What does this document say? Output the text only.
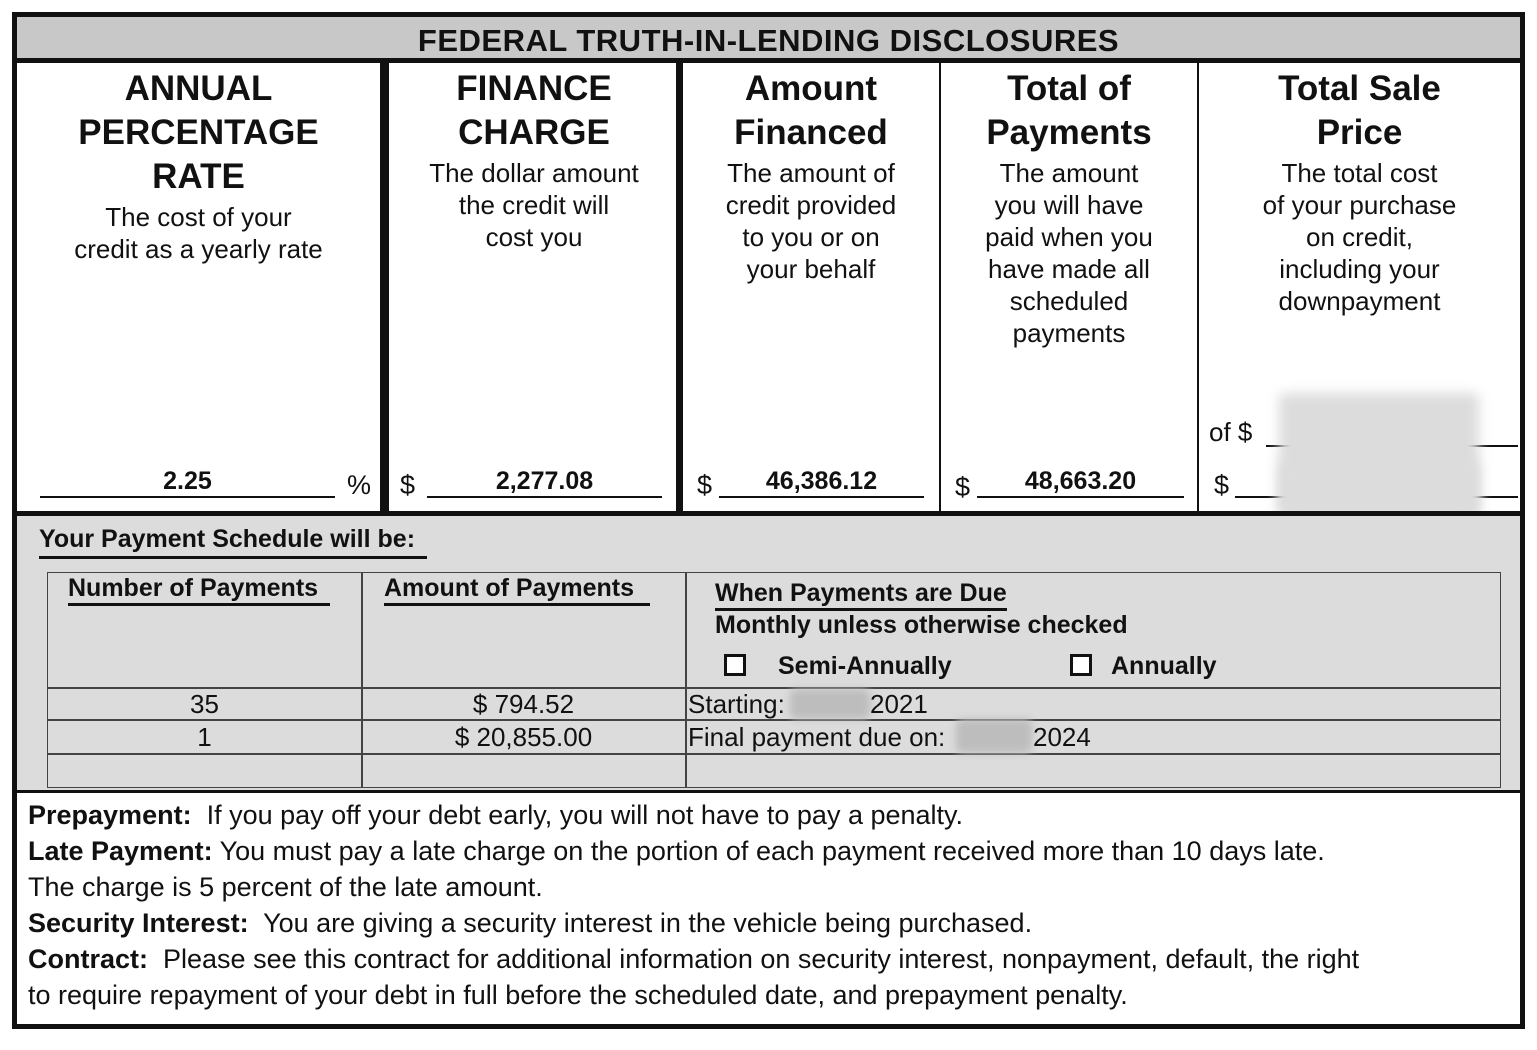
FEDERAL TRUTH-IN-LENDING DISCLOSURES
ANNUAL
PERCENTAGE
RATE
The cost of your
credit as a yearly rate
2.25	%
FINANCE
CHARGE
The dollar amount
the credit will
cost you
$	2,277.08
Amount
Financed
The amount of
credit provided
to you or on
your behalf
$	46,386.12
Total of
Payments
The amount
you will have
paid when you
have made all
scheduled
payments
$	48,663.20
Total Sale
Price
The total cost
of your purchase
on credit,
including your
downpayment
of $
$
Your Payment Schedule will be:
Number of Payments	Amount of Payments	When Payments are Due
Monthly unless otherwise checked
Semi-Annually	Annually
35	$ 794.52	Starting:	2021
1	$ 20,855.00	Final payment due on:	2024

Prepayment: If you pay off your debt early, you will not have to pay a penalty.

Late Payment: You must pay a late charge on the portion of each payment received more than 10 days late.

The charge is 5 percent of the late amount.

Security Interest: You are giving a security interest in the vehicle being purchased.

Contract: Please see this contract for additional information on security interest, nonpayment, default, the right

to require repayment of your debt in full before the scheduled date, and prepayment penalty.
